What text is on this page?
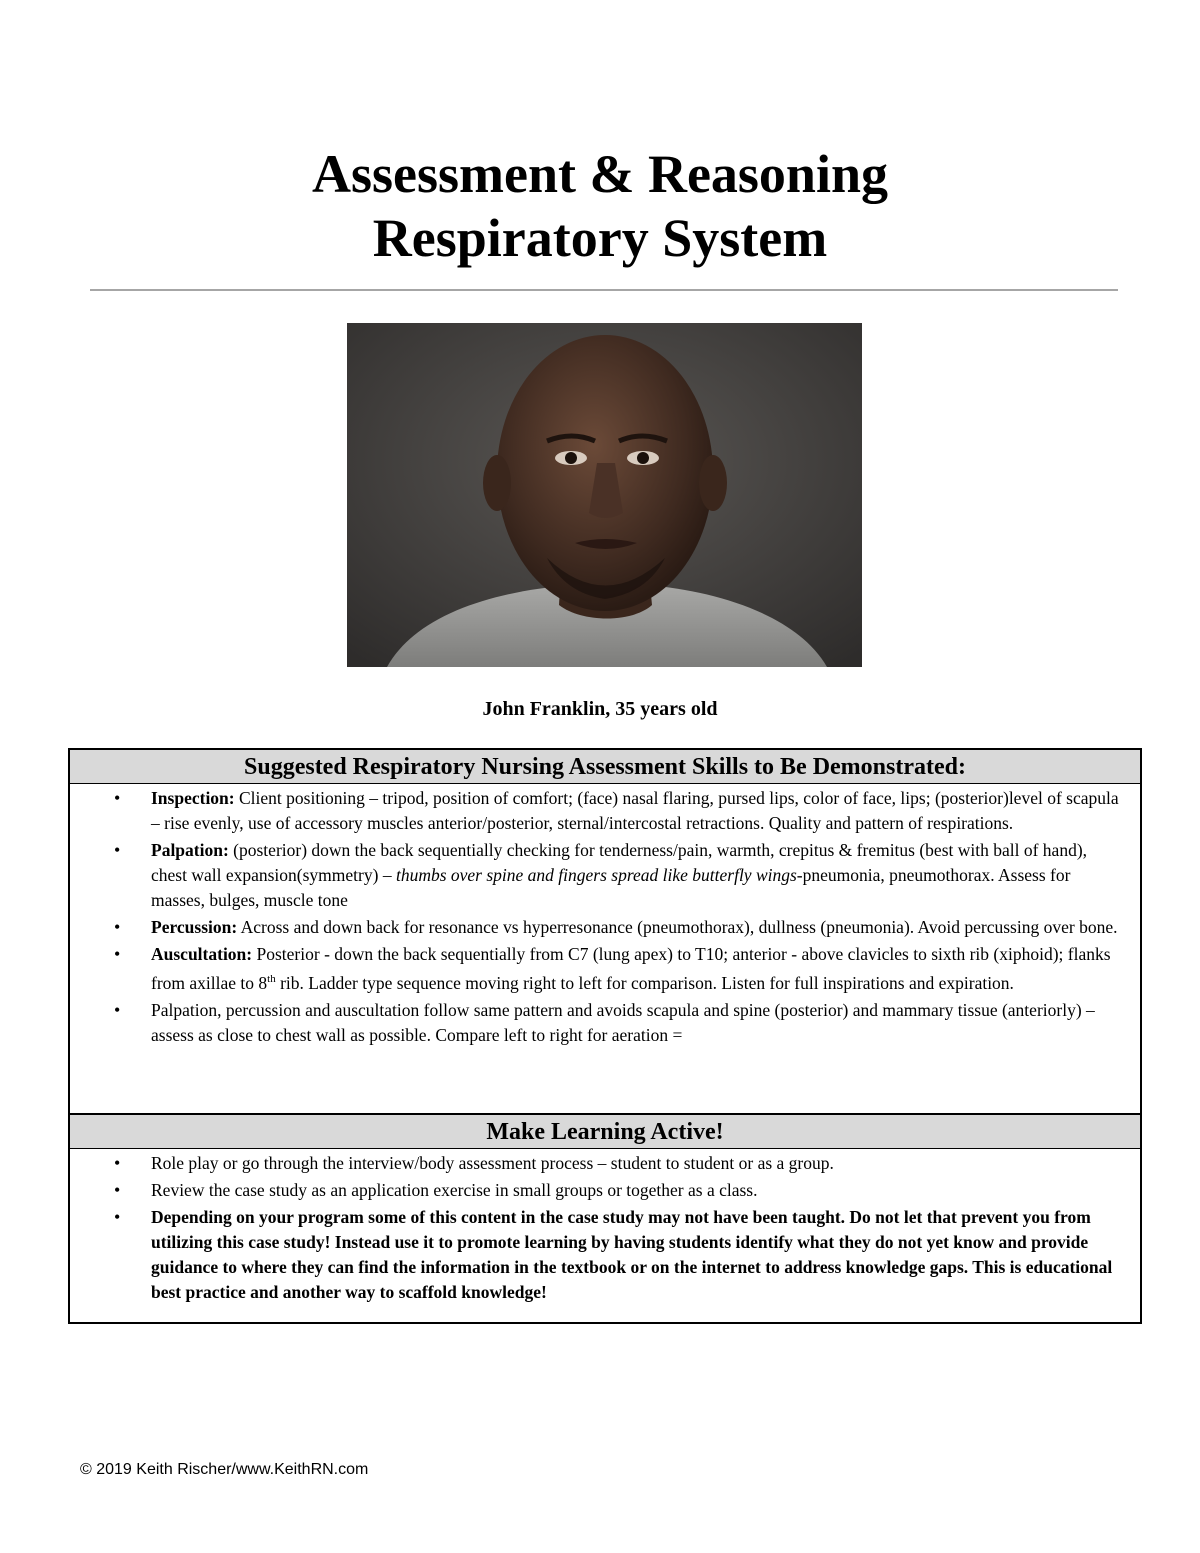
Assessment & Reasoning
Respiratory System
John Franklin, 35 years old
Suggested Respiratory Nursing Assessment Skills to Be Demonstrated:
• Inspection: Client positioning – tripod, position of comfort; (face) nasal flaring, pursed lips, color of face, lips; (posterior)level of scapula – rise evenly, use of accessory muscles anterior/posterior, sternal/intercostal retractions. Quality and pattern of respirations.
• Palpation: (posterior) down the back sequentially checking for tenderness/pain, warmth, crepitus & fremitus (best with ball of hand), chest wall expansion(symmetry) – thumbs over spine and fingers spread like butterfly wings-pneumonia, pneumothorax. Assess for masses, bulges, muscle tone
• Percussion: Across and down back for resonance vs hyperresonance (pneumothorax), dullness (pneumonia). Avoid percussing over bone.
• Auscultation: Posterior - down the back sequentially from C7 (lung apex) to T10; anterior - above clavicles to sixth rib (xiphoid); flanks from axillae to 8th rib. Ladder type sequence moving right to left for comparison. Listen for full inspirations and expiration.
• Palpation, percussion and auscultation follow same pattern and avoids scapula and spine (posterior) and mammary tissue (anteriorly) – assess as close to chest wall as possible. Compare left to right for aeration =
Make Learning Active!
• Role play or go through the interview/body assessment process – student to student or as a group.
• Review the case study as an application exercise in small groups or together as a class.
• Depending on your program some of this content in the case study may not have been taught. Do not let that prevent you from utilizing this case study! Instead use it to promote learning by having students identify what they do not yet know and provide guidance to where they can find the information in the textbook or on the internet to address knowledge gaps. This is educational best practice and another way to scaffold knowledge!
© 2019 Keith Rischer/www.KeithRN.com
